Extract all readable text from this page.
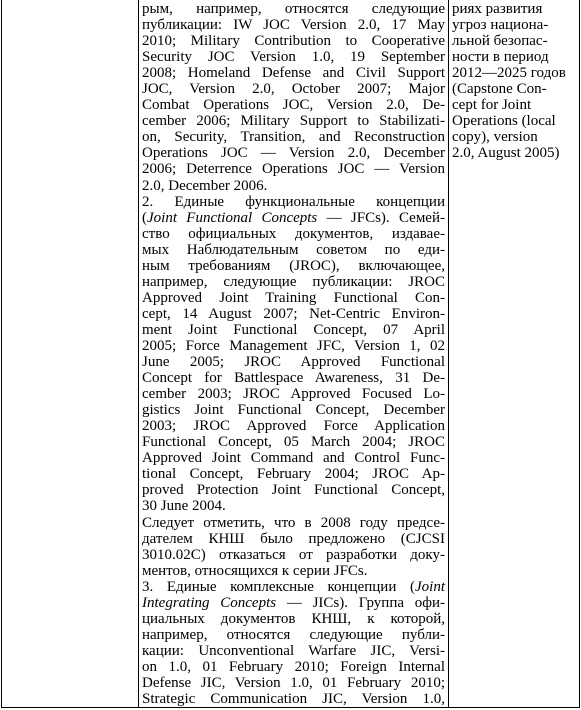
рым, например, относятся следующие
публикации: IW JOC Version 2.0, 17 May
2010; Military Contribution to Cooperative
Security JOC Version 1.0, 19 September
2008; Homeland Defense and Civil Support
JOC, Version 2.0, October 2007; Major
Combat Operations JOC, Version 2.0, De-
cember 2006; Military Support to Stabilizati-
on, Security, Transition, and Reconstruction
Operations JOC — Version 2.0, December
2006; Deterrence Operations JOC — Version
2.0, December 2006.
2. Единые функциональные концепции
(Joint Functional Concepts — JFCs). Семей-
ство официальных документов, издавае-
мых Наблюдательным советом по еди-
ным требованиям (JROC), включающее,
например, следующие публикации: JROC
Approved Joint Training Functional Con-
cept, 14 August 2007; Net-Centric Environ-
ment Joint Functional Concept, 07 April
2005; Force Management JFC, Version 1, 02
June 2005; JROC Approved Functional
Concept for Battlespace Awareness, 31 De-
cember 2003; JROC Approved Focused Lo-
gistics Joint Functional Concept, December
2003; JROC Approved Force Application
Functional Concept, 05 March 2004; JROC
Approved Joint Command and Control Func-
tional Concept, February 2004; JROC Ap-
proved Protection Joint Functional Concept,
30 June 2004.
Следует отметить, что в 2008 году предсе-
дателем КНШ было предложено (CJCSI
3010.02С) отказаться от разработки доку-
ментов, относящихся к серии JFCs.
3. Единые комплексные концепции (Joint
Integrating Concepts — JICs). Группа офи-
циальных документов КНШ, к которой,
например, относятся следующие публи-
кации: Unconventional Warfare JIC, Versi-
on 1.0, 01 February 2010; Foreign Internal
Defense JIC, Version 1.0, 01 February 2010;
Strategic Communication JIC, Version 1.0,

риях развития
угроз национа-
льной безопас-
ности в период
2012—2025 годов
(Capstone Con-
cept for Joint
Operations (local
copy), version
2.0, August 2005)
